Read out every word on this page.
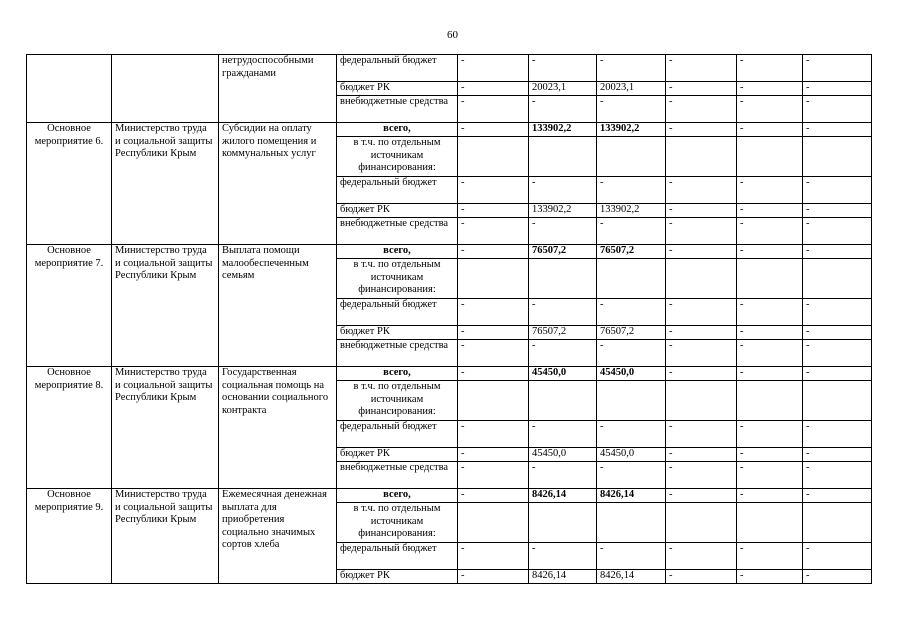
60
		нетрудоспособными гражданами	федеральный бюджет	-	-	-	-	-	-
			бюджет РК	-	20023,1	20023,1	-	-	-
			внебюджетные средства	-	-	-	-	-	-
Основное мероприятие 6.	Министерство труда и социальной защиты Республики Крым	Субсидии на оплату жилого помещения и коммунальных услуг	всего,	-	133902,2	133902,2	-	-	-
			в т.ч. по отдельным источникам финансирования:						
			федеральный бюджет	-	-	-	-	-	-
			бюджет РК	-	133902,2	133902,2	-	-	-
			внебюджетные средства	-	-	-	-	-	-
Основное мероприятие 7.	Министерство труда и социальной защиты Республики Крым	Выплата помощи малообеспеченным семьям	всего,	-	76507,2	76507,2	-	-	-
			в т.ч. по отдельным источникам финансирования:						
			федеральный бюджет	-	-	-	-	-	-
			бюджет РК	-	76507,2	76507,2	-	-	-
			внебюджетные средства	-	-	-	-	-	-
Основное мероприятие 8.	Министерство труда и социальной защиты Республики Крым	Государственная социальная помощь на основании социального контракта	всего,	-	45450,0	45450,0	-	-	-
			в т.ч. по отдельным источникам финансирования:						
			федеральный бюджет	-	-	-	-	-	-
			бюджет РК	-	45450,0	45450,0	-	-	-
			внебюджетные средства	-	-	-	-	-	-
Основное мероприятие 9.	Министерство труда и социальной защиты Республики Крым	Ежемесячная денежная выплата для приобретения социально значимых сортов хлеба	всего,	-	8426,14	8426,14	-	-	-
			в т.ч. по отдельным источникам финансирования:						
			федеральный бюджет	-	-	-	-	-	-
			бюджет РК	-	8426,14	8426,14	-	-	-
